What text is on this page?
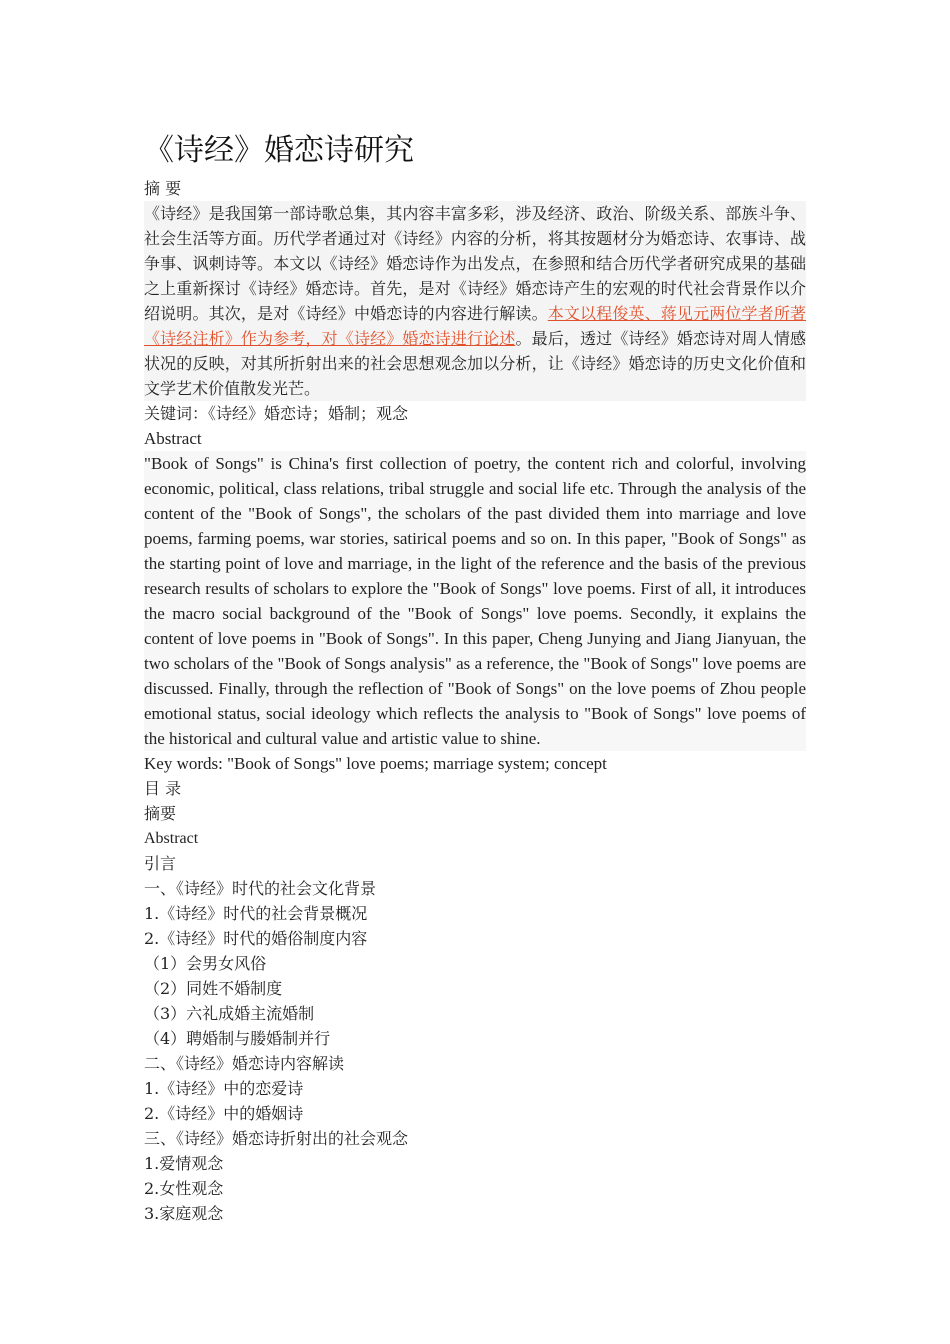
《诗经》婚恋诗研究

摘 要

《诗经》是我国第一部诗歌总集，其内容丰富多彩，涉及经济、政治、阶级关系、部族斗争、社会生活等方面。历代学者通过对《诗经》内容的分析，将其按题材分为婚恋诗、农事诗、战争事、讽刺诗等。本文以《诗经》婚恋诗作为出发点，在参照和结合历代学者研究成果的基础之上重新探讨《诗经》婚恋诗。首先，是对《诗经》婚恋诗产生的宏观的时代社会背景作以介绍说明。其次，是对《诗经》中婚恋诗的内容进行解读。本文以程俊英、蒋见元两位学者所著《诗经注析》作为参考，对《诗经》婚恋诗进行论述。最后，透过《诗经》婚恋诗对周人情感状况的反映，对其所折射出来的社会思想观念加以分析，让《诗经》婚恋诗的历史文化价值和文学艺术价值散发光芒。

关键词：《诗经》婚恋诗；婚制；观念

Abstract

"Book of Songs" is China's first collection of poetry, the content rich and colorful, involving economic, political, class relations, tribal struggle and social life etc. Through the analysis of the content of the "Book of Songs", the scholars of the past divided them into marriage and love poems, farming poems, war stories, satirical poems and so on. In this paper, "Book of Songs" as the starting point of love and marriage, in the light of the reference and the basis of the previous research results of scholars to explore the "Book of Songs" love poems. First of all, it introduces the macro social background of the "Book of Songs" love poems. Secondly, it explains the content of love poems in "Book of Songs". In this paper, Cheng Junying and Jiang Jianyuan, the two scholars of the "Book of Songs analysis" as a reference, the "Book of Songs" love poems are discussed. Finally, through the reflection of "Book of Songs" on the love poems of Zhou people emotional status, social ideology which reflects the analysis to "Book of Songs" love poems of the historical and cultural value and artistic value to shine.

Key words: "Book of Songs" love poems; marriage system; concept

目 录

摘要

Abstract

引言

一、《诗经》时代的社会文化背景

1.《诗经》时代的社会背景概况

2.《诗经》时代的婚俗制度内容

（1）会男女风俗

（2）同姓不婚制度

（3）六礼成婚主流婚制

（4）聘婚制与媵婚制并行

二、《诗经》婚恋诗内容解读

1.《诗经》中的恋爱诗

2.《诗经》中的婚姻诗

三、《诗经》婚恋诗折射出的社会观念

1.爱情观念

2.女性观念

3.家庭观念
